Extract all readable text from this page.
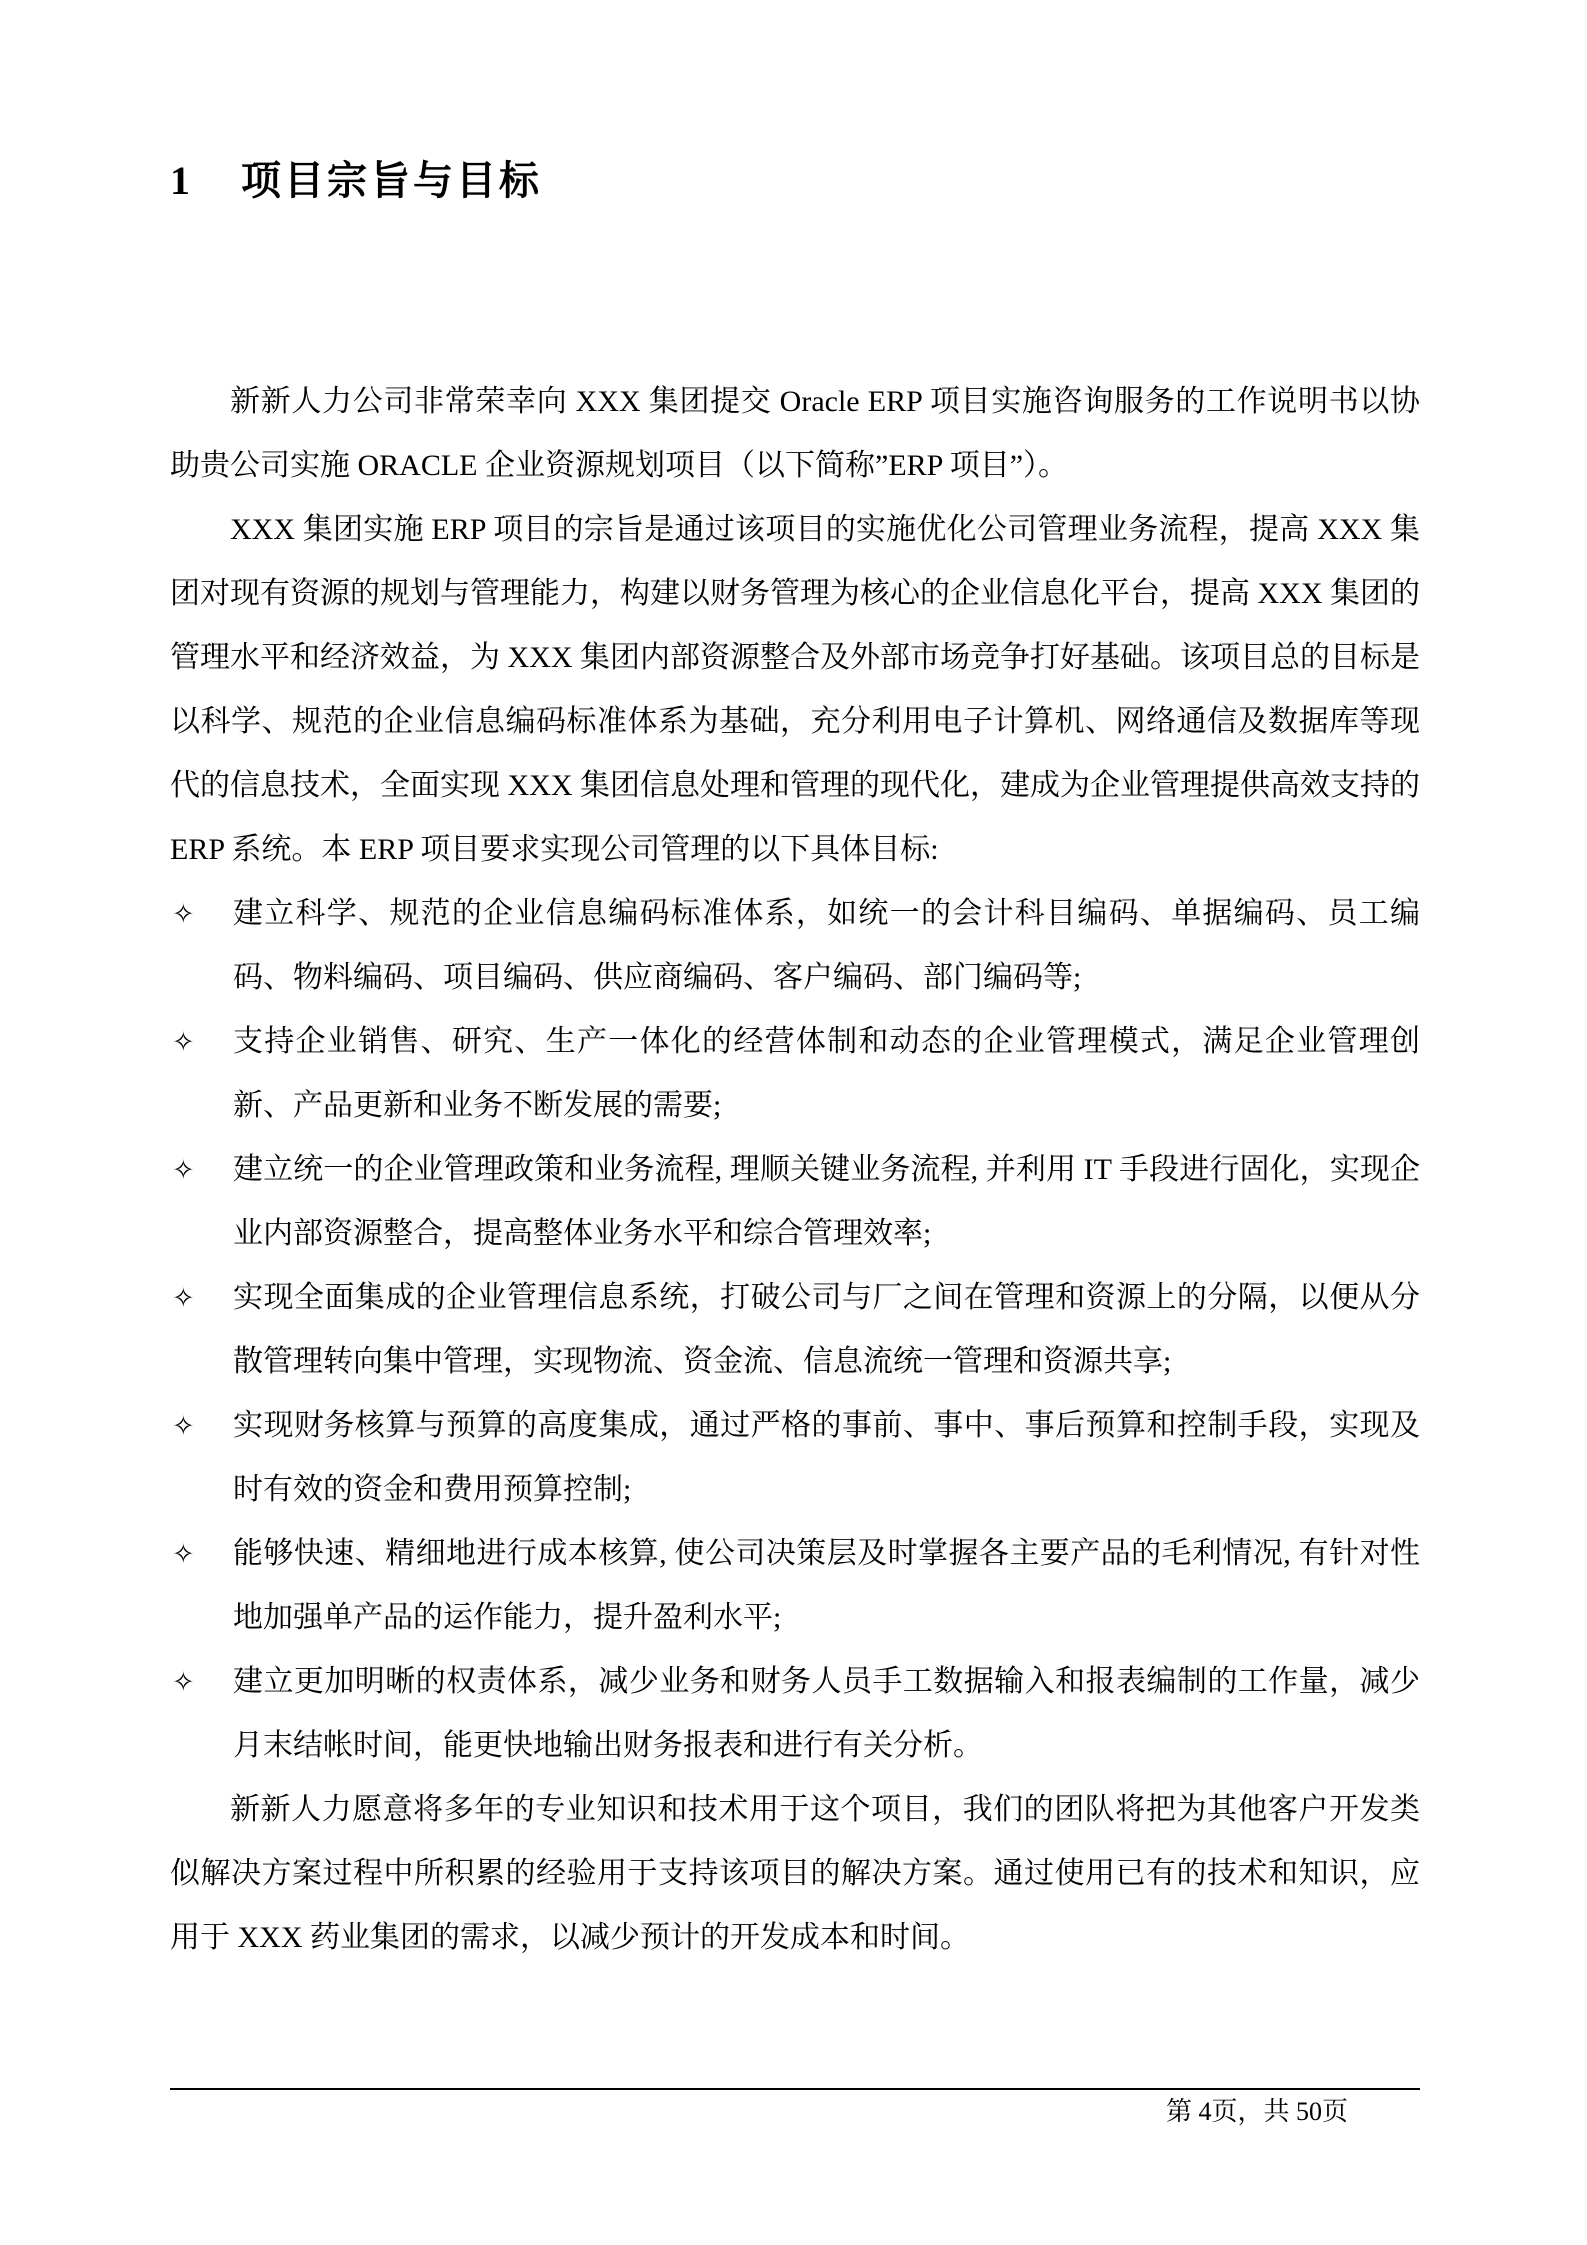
1 项目宗旨与目标

新新人力公司非常荣幸向 XXX 集团提交 Oracle ERP 项目实施咨询服务的工作说明书以协助贵公司实施 ORACLE 企业资源规划项目（以下简称”ERP 项目”）。

XXX 集团实施 ERP 项目的宗旨是通过该项目的实施优化公司管理业务流程，提高 XXX 集团对现有资源的规划与管理能力，构建以财务管理为核心的企业信息化平台，提高 XXX 集团的管理水平和经济效益，为 XXX 集团内部资源整合及外部市场竞争打好基础。该项目总的目标是以科学、规范的企业信息编码标准体系为基础，充分利用电子计算机、网络通信及数据库等现代的信息技术，全面实现 XXX 集团信息处理和管理的现代化，建成为企业管理提供高效支持的 ERP 系统。本 ERP 项目要求实现公司管理的以下具体目标:

✧	建立科学、规范的企业信息编码标准体系，如统一的会计科目编码、单据编码、员工编码、物料编码、项目编码、供应商编码、客户编码、部门编码等;
✧	支持企业销售、研究、生产一体化的经营体制和动态的企业管理模式，满足企业管理创新、产品更新和业务不断发展的需要;
✧	建立统一的企业管理政策和业务流程, 理顺关键业务流程, 并利用 IT 手段进行固化，实现企业内部资源整合，提高整体业务水平和综合管理效率;
✧	实现全面集成的企业管理信息系统，打破公司与厂之间在管理和资源上的分隔，以便从分散管理转向集中管理，实现物流、资金流、信息流统一管理和资源共享;
✧	实现财务核算与预算的高度集成，通过严格的事前、事中、事后预算和控制手段，实现及时有效的资金和费用预算控制;
✧	能够快速、精细地进行成本核算, 使公司决策层及时掌握各主要产品的毛利情况, 有针对性地加强单产品的运作能力，提升盈利水平;
✧	建立更加明晰的权责体系，减少业务和财务人员手工数据输入和报表编制的工作量，减少月末结帐时间，能更快地输出财务报表和进行有关分析。

新新人力愿意将多年的专业知识和技术用于这个项目，我们的团队将把为其他客户开发类似解决方案过程中所积累的经验用于支持该项目的解决方案。通过使用已有的技术和知识，应用于 XXX 药业集团的需求，以减少预计的开发成本和时间。

第 4页，共 50页
